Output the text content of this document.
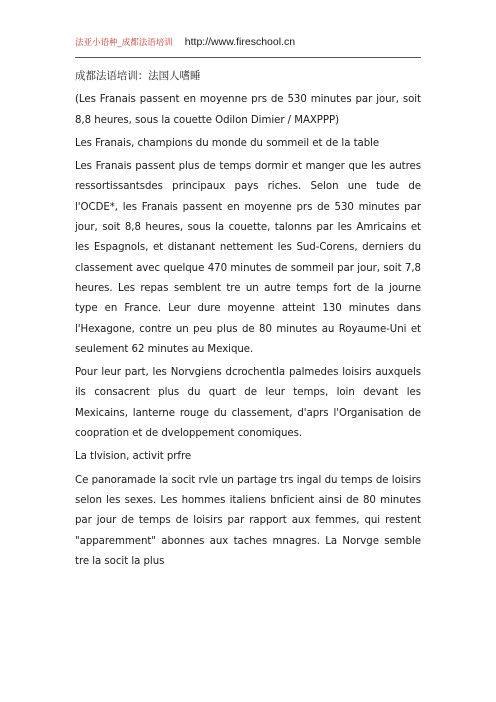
法亚小语种_成都法语培训 http://www.fireschool.cn

成都法语培训：法国人嗜睡

(Les Franais passent en moyenne prs de 530 minutes par jour, soit 8,8 heures, sous la couette Odilon Dimier / MAXPPP)

Les Franais, champions du monde du sommeil et de la table

Les Franais passent plus de temps dormir et manger que les autres ressortissantsdes principaux pays riches. Selon une tude de l'OCDE*, les Franais passent en moyenne prs de 530 minutes par jour, soit 8,8 heures, sous la couette, talonns par les Amricains et les Espagnols, et distanant nettement les Sud-Corens, derniers du classement avec quelque 470 minutes de sommeil par jour, soit 7,8 heures. Les repas semblent tre un autre temps fort de la journe type en France. Leur dure moyenne atteint 130 minutes dans l'Hexagone, contre un peu plus de 80 minutes au Royaume-Uni et seulement 62 minutes au Mexique.

Pour leur part, les Norvgiens dcrochentla palmedes loisirs auxquels ils consacrent plus du quart de leur temps, loin devant les Mexicains, lanterne rouge du classement, d'aprs l'Organisation de coopration et de dveloppement conomiques.

La tlvision, activit prfre

Ce panoramade la socit rvle un partage trs ingal du temps de loisirs selon les sexes. Les hommes italiens bnficient ainsi de 80 minutes par jour de temps de loisirs par rapport aux femmes, qui restent "apparemment" abonnes aux taches mnagres. La Norvge semble tre la socit la plus
